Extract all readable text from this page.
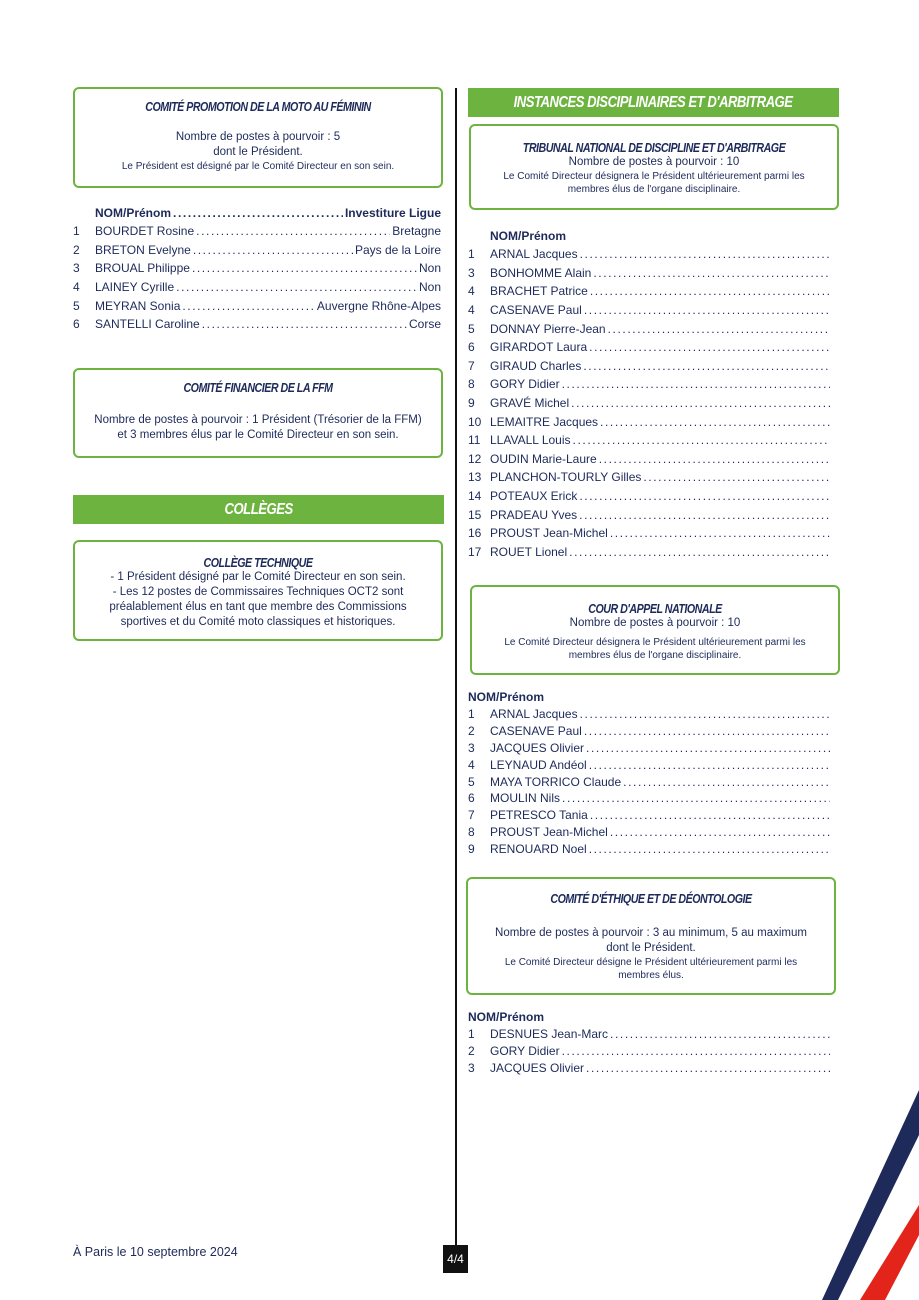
COMITÉ PROMOTION DE LA MOTO AU FÉMININ
Nombre de postes à pourvoir : 5
dont le Président.
Le Président est désigné par le Comité Directeur en son sein.
NOM/Prénom .....	Investiture Ligue
1	BOURDET Rosine .....	Bretagne
2	BRETON Evelyne .....	Pays de la Loire
3	BROUAL Philippe .....	Non
4	LAINEY Cyrille .....	Non
5	MEYRAN Sonia .....	Auvergne Rhône-Alpes
6	SANTELLI Caroline .....	Corse
COMITÉ FINANCIER DE LA FFM
Nombre de postes à pourvoir : 1 Président (Trésorier de la FFM)
et 3 membres élus par le Comité Directeur en son sein.
COLLÈGES
COLLÈGE TECHNIQUE
- 1 Président désigné par le Comité Directeur en son sein.
- Les 12 postes de Commissaires Techniques OCT2 sont
préalablement élus en tant que membre des Commissions
sportives et du Comité moto classiques et historiques.
INSTANCES DISCIPLINAIRES ET D'ARBITRAGE
TRIBUNAL NATIONAL DE DISCIPLINE ET D'ARBITRAGE
Nombre de postes à pourvoir : 10
Le Comité Directeur désignera le Président ultérieurement parmi les
membres élus de l'organe disciplinaire.
NOM/Prénom
1	ARNAL Jacques
.....
3	BONHOMME Alain
.....
4	BRACHET Patrice
.....
4	CASENAVE Paul
.....
5	DONNAY Pierre-Jean
.....
6	GIRARDOT Laura
.....
7	GIRAUD Charles
.....
8	GORY Didier
.....
9	GRAVÉ Michel
.....
10 LEMAITRE Jacques
.....
11 LLAVALL Louis
.....
12 OUDIN Marie-Laure
.....
13 PLANCHON-TOURLY Gilles
.....
14 POTEAUX Erick
.....
15 PRADEAU Yves
.....
16 PROUST Jean-Michel
.....
17 ROUET Lionel
.....
COUR D'APPEL NATIONALE
Nombre de postes à pourvoir : 10
Le Comité Directeur désignera le Président ultérieurement parmi les
membres élus de l'organe disciplinaire.
NOM/Prénom
1	ARNAL Jacques
.....
2	CASENAVE Paul
.....
3	JACQUES Olivier
.....
4	LEYNAUD Andéol
.....
5	MAYA TORRICO Claude
.....
6	MOULIN Nils
.....
7	PETRESCO Tania
.....
8	PROUST Jean-Michel
.....
9	RENOUARD Noel
.....
COMITÉ D'ÉTHIQUE ET DE DÉONTOLOGIE
Nombre de postes à pourvoir : 3 au minimum, 5 au maximum
dont le Président.
Le Comité Directeur désigne le Président ultérieurement parmi les
membres élus.
NOM/Prénom
1	DESNUES Jean-Marc
.....
2	GORY Didier
.....
3	JACQUES Olivier
.....
À Paris le 10 septembre 2024	4/4
